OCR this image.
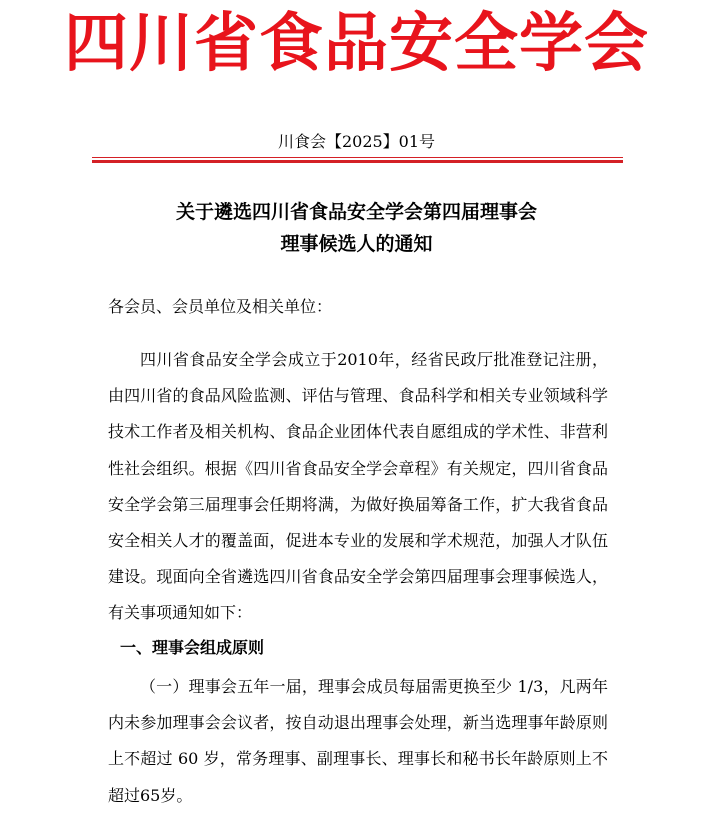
四川省食品安全学会
川食会【2025】01号
关于遴选四川省食品安全学会第四届理事会
理事候选人的通知
各会员、会员单位及相关单位：
四川省食品安全学会成立于2010年，经省民政厅批准登记注册，由四川省的食品风险监测、评估与管理、食品科学和相关专业领域科学技术工作者及相关机构、食品企业团体代表自愿组成的学术性、非营利性社会组织。根据《四川省食品安全学会章程》有关规定，四川省食品安全学会第三届理事会任期将满，为做好换届筹备工作，扩大我省食品安全相关人才的覆盖面，促进本专业的发展和学术规范，加强人才队伍建设。现面向全省遴选四川省食品安全学会第四届理事会理事候选人，有关事项通知如下：
一、理事会组成原则
（一）理事会五年一届，理事会成员每届需更换至少 1/3，凡两年内未参加理事会会议者，按自动退出理事会处理，新当选理事年龄原则上不超过 60 岁，常务理事、副理事长、理事长和秘书长年龄原则上不超过65岁。
